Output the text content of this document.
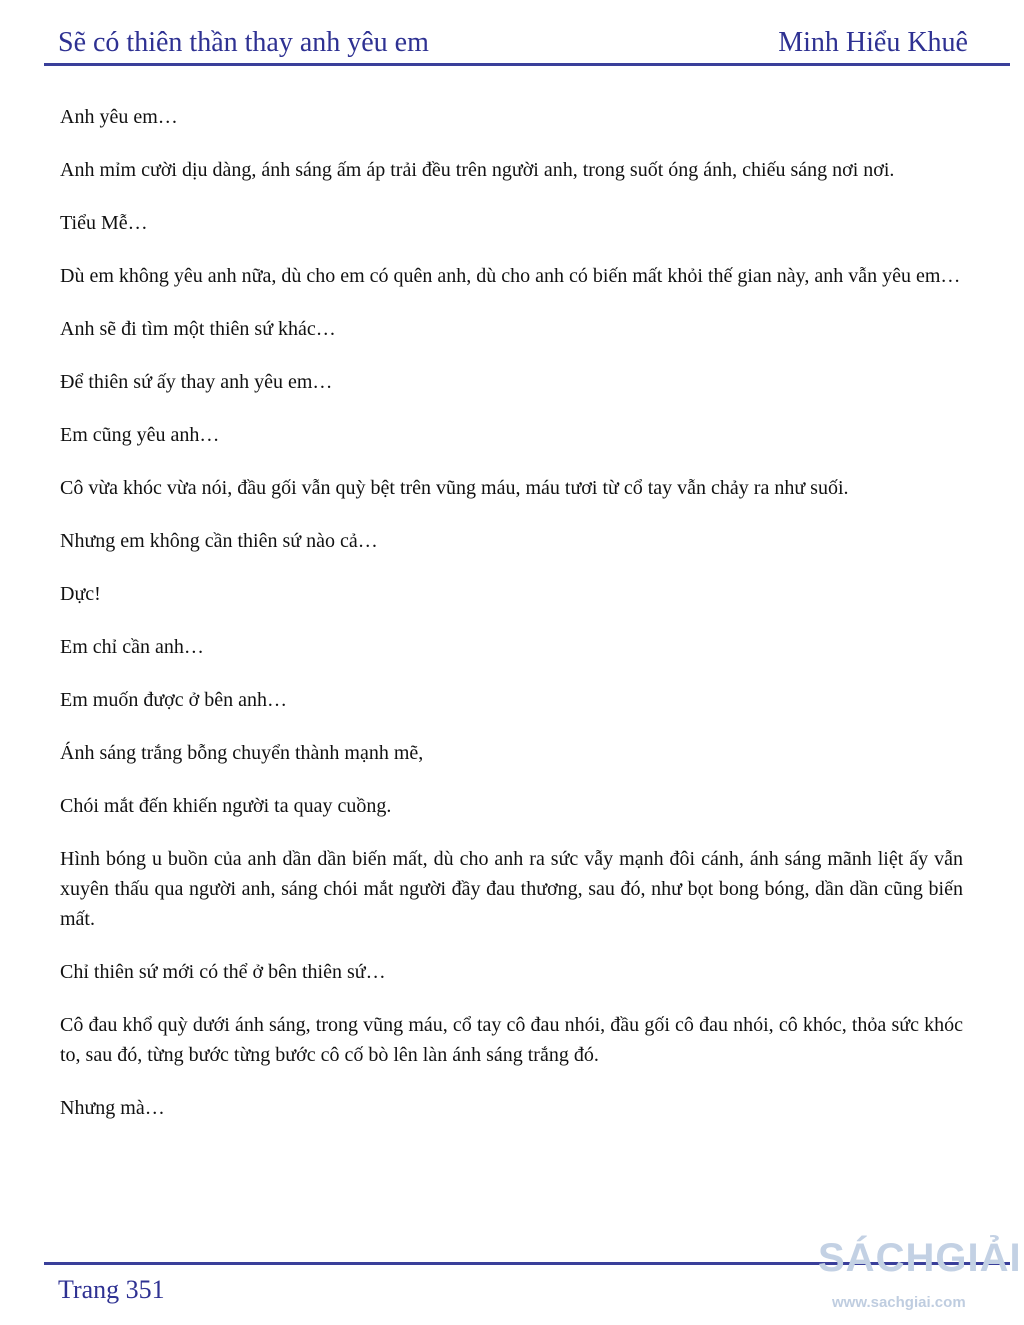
Sẽ có thiên thần thay anh yêu em	Minh Hiểu Khuê

Anh yêu em…

Anh mỉm cười dịu dàng, ánh sáng ấm áp trải đều trên người anh, trong suốt óng ánh, chiếu sáng nơi nơi.

Tiểu Mễ…

Dù em không yêu anh nữa, dù cho em có quên anh, dù cho anh có biến mất khỏi thế gian này, anh vẫn yêu em…

Anh sẽ đi tìm một thiên sứ khác…

Để thiên sứ ấy thay anh yêu em…

Em cũng yêu anh…

Cô vừa khóc vừa nói, đầu gối vẫn quỳ bệt trên vũng máu, máu tươi từ cổ tay vẫn chảy ra như suối.

Nhưng em không cần thiên sứ nào cả…

Dực!

Em chỉ cần anh…

Em muốn được ở bên anh…

Ánh sáng trắng bỗng chuyển thành mạnh mẽ,

Chói mắt đến khiến người ta quay cuồng.

Hình bóng u buồn của anh dần dần biến mất, dù cho anh ra sức vẫy mạnh đôi cánh, ánh sáng mãnh liệt ấy vẫn xuyên thấu qua người anh, sáng chói mắt người đầy đau thương, sau đó, như bọt bong bóng, dần dần cũng biến mất.

Chỉ thiên sứ mới có thể ở bên thiên sứ…

Cô đau khổ quỳ dưới ánh sáng, trong vũng máu, cổ tay cô đau nhói, đầu gối cô đau nhói, cô khóc, thỏa sức khóc to, sau đó, từng bước từng bước cô cố bò lên làn ánh sáng trắng đó.

Nhưng mà…

Trang 351
SÁCHGIẢI
www.sachgiai.com
